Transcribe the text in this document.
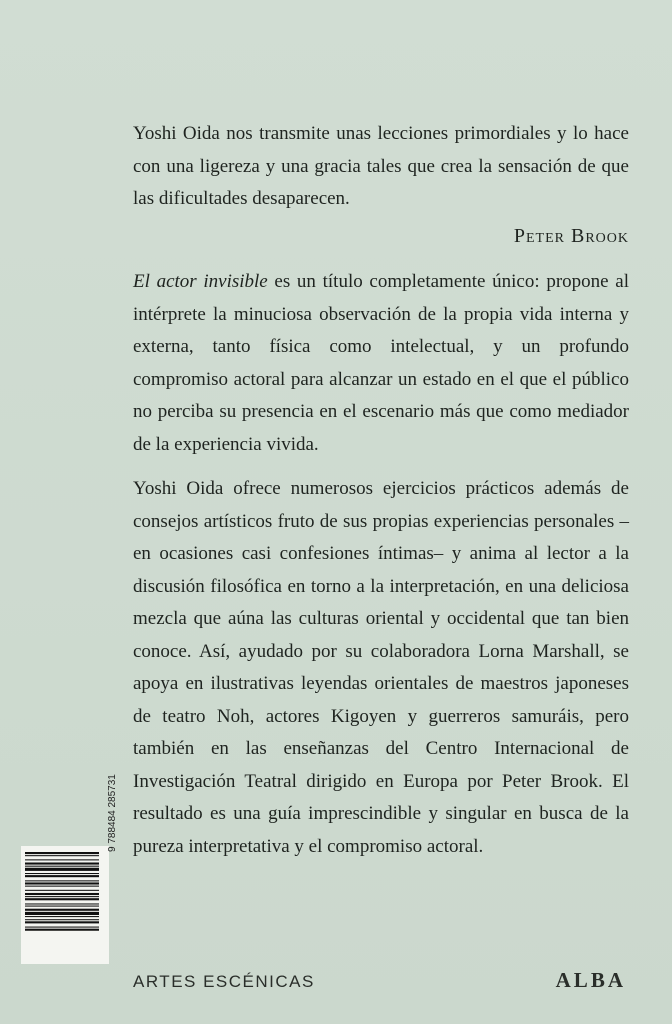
Yoshi Oida nos transmite unas lecciones primordiales y lo hace con una ligereza y una gracia tales que crea la sensación de que las dificultades desaparecen.

Peter Brook

El actor invisible es un título completamente único: propone al intérprete la minuciosa observación de la propia vida interna y externa, tanto física como intelectual, y un profundo compromiso actoral para alcanzar un estado en el que el público no perciba su presencia en el escenario más que como mediador de la experiencia vivida.

Yoshi Oida ofrece numerosos ejercicios prácticos además de consejos artísticos fruto de sus propias experiencias personales –en ocasiones casi confesiones íntimas– y anima al lector a la discusión filosófica en torno a la interpretación, en una deliciosa mezcla que aúna las culturas oriental y occidental que tan bien conoce. Así, ayudado por su colaboradora Lorna Marshall, se apoya en ilustrativas leyendas orientales de maestros japoneses de teatro Noh, actores Kigoyen y guerreros samuráis, pero también en las enseñanzas del Centro Internacional de Investigación Teatral dirigido en Europa por Peter Brook. El resultado es una guía imprescindible y singular en busca de la pureza interpretativa y el compromiso actoral.

9 788484 285731
ARTES ESCÉNICAS	ALBA
